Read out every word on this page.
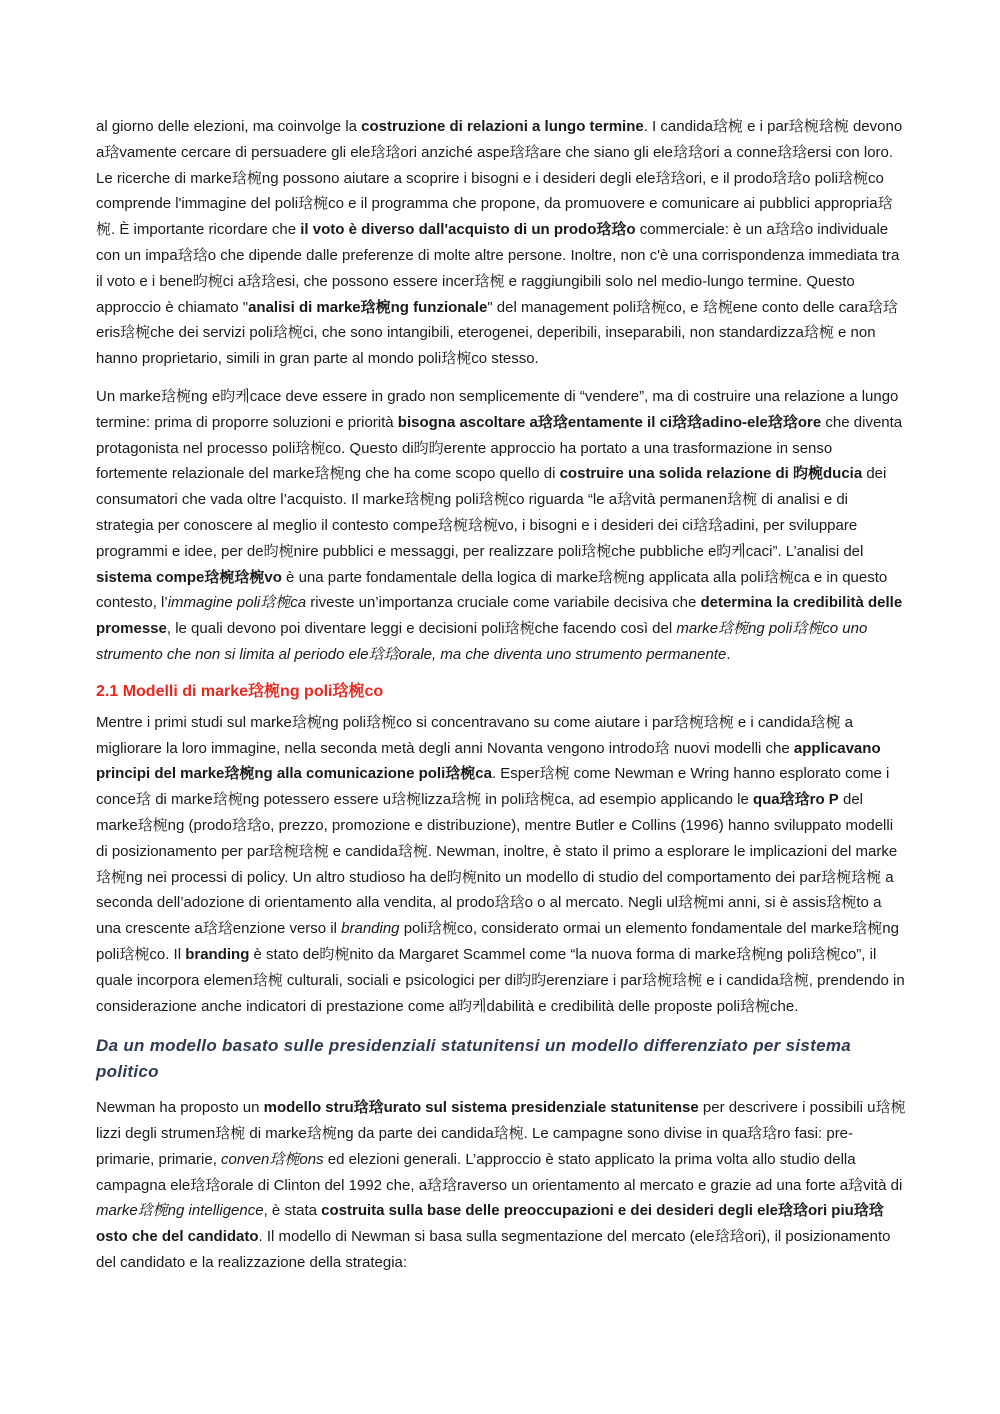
al giorno delle elezioni, ma coinvolge la costruzione di relazioni a lungo termine. I candida琀椀 e i par琀椀琀椀 devono a琀vamente cercare di persuadere gli ele琀琀ori anziché aspe琀琀are che siano gli ele琀琀ori a conne琀琀ersi con loro. Le ricerche di marke琀椀ng possono aiutare a scoprire i bisogni e i desideri degli ele琀琀ori, e il prodo琀琀o poli琀椀co comprende l'immagine del poli琀椀co e il programma che propone, da promuovere e comunicare ai pubblici appropria琀椀. È importante ricordare che il voto è diverso dall'acquisto di un prodo琀琀o commerciale: è un a琀琀o individuale con un impa琀琀o che dipende dalle preferenze di molte altre persone. Inoltre, non c'è una corrispondenza immediata tra il voto e i bene昀椀ci a琀琀esi, che possono essere incer琀椀 e raggiungibili solo nel medio-lungo termine. Questo approccio è chiamato "analisi di marke琀椀ng funzionale" del management poli琀椀co, e 琀椀ene conto delle cara琀琀eris琀椀che dei servizi poli琀椀ci, che sono intangibili, eterogenei, deperibili, inseparabili, non standardizza琀椀 e non hanno proprietario, simili in gran parte al mondo poli琀椀co stesso.

Un marke琀椀ng e昀케cace deve essere in grado non semplicemente di “vendere”, ma di costruire una relazione a lungo termine: prima di proporre soluzioni e priorità bisogna ascoltare a琀琀entamente il ci琀琀adino-ele琀琀ore che diventa protagonista nel processo poli琀椀co. Questo di昀昀erente approccio ha portato a una trasformazione in senso fortemente relazionale del marke琀椀ng che ha come scopo quello di costruire una solida relazione di 昀椀ducia dei consumatori che vada oltre l’acquisto. Il marke琀椀ng poli琀椀co riguarda “le a琀vità permanen琀椀 di analisi e di strategia per conoscere al meglio il contesto compe琀椀琀椀vo, i bisogni e i desideri dei ci琀琀adini, per sviluppare programmi e idee, per de昀椀nire pubblici e messaggi, per realizzare poli琀椀che pubbliche e昀케caci”. L’analisi del sistema compe琀椀琀椀vo è una parte fondamentale della logica di marke琀椀ng applicata alla poli琀椀ca e in questo contesto, l’immagine poli琀椀ca riveste un’importanza cruciale come variabile decisiva che determina la credibilità delle promesse, le quali devono poi diventare leggi e decisioni poli琀椀che facendo così del marke琀椀ng poli琀椀co uno strumento che non si limita al periodo ele琀琀orale, ma che diventa uno strumento permanente.

2.1 Modelli di marke琀椀ng poli琀椀co

Mentre i primi studi sul marke琀椀ng poli琀椀co si concentravano su come aiutare i par琀椀琀椀 e i candida琀椀 a migliorare la loro immagine, nella seconda metà degli anni Novanta vengono introdo琀 nuovi modelli che applicavano principi del marke琀椀ng alla comunicazione poli琀椀ca. Esper琀椀 come Newman e Wring hanno esplorato come i conce琀 di marke琀椀ng potessero essere u琀椀lizza琀椀 in poli琀椀ca, ad esempio applicando le qua琀琀ro P del marke琀椀ng (prodo琀琀o, prezzo, promozione e distribuzione), mentre Butler e Collins (1996) hanno sviluppato modelli di posizionamento per par琀椀琀椀 e candida琀椀. Newman, inoltre, è stato il primo a esplorare le implicazioni del marke琀椀ng nei processi di policy. Un altro studioso ha de昀椀nito un modello di studio del comportamento dei par琀椀琀椀 a seconda dell’adozione di orientamento alla vendita, al prodo琀琀o o al mercato. Negli ul琀椀mi anni, si è assis琀椀to a una crescente a琀琀enzione verso il branding poli琀椀co, considerato ormai un elemento fondamentale del marke琀椀ng poli琀椀co. Il branding è stato de昀椀nito da Margaret Scammel come “la nuova forma di marke琀椀ng poli琀椀co”, il quale incorpora elemen琀椀 culturali, sociali e psicologici per di昀昀erenziare i par琀椀琀椀 e i candida琀椀, prendendo in considerazione anche indicatori di prestazione come a昀케dabilità e credibilità delle proposte poli琀椀che.

Da un modello basato sulle presidenziali statunitensi un modello differenziato per sistema politico

Newman ha proposto un modello stru琀琀urato sul sistema presidenziale statunitense per descrivere i possibili u琀椀lizzi degli strumen琀椀 di marke琀椀ng da parte dei candida琀椀. Le campagne sono divise in qua琀琀ro fasi: pre-primarie, primarie, conven琀椀ons ed elezioni generali. L’approccio è stato applicato la prima volta allo studio della campagna ele琀琀orale di Clinton del 1992 che, a琀琀raverso un orientamento al mercato e grazie ad una forte a琀vità di marke琀椀ng intelligence, è stata costruita sulla base delle preoccupazioni e dei desideri degli ele琀琀ori piu琀琀osto che del candidato. Il modello di Newman si basa sulla segmentazione del mercato (ele琀琀ori), il posizionamento del candidato e la realizzazione della strategia:
